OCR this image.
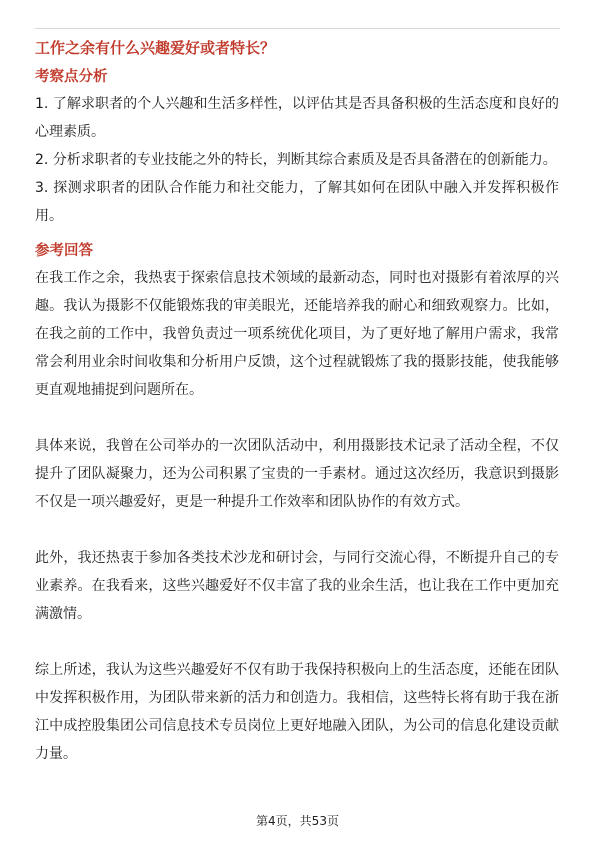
工作之余有什么兴趣爱好或者特长？
考察点分析

1. 了解求职者的个人兴趣和生活多样性，以评估其是否具备积极的生活态度和良好的心理素质。

2. 分析求职者的专业技能之外的特长，判断其综合素质及是否具备潜在的创新能力。

3. 探测求职者的团队合作能力和社交能力，了解其如何在团队中融入并发挥积极作用。

参考回答

在我工作之余，我热衷于探索信息技术领域的最新动态，同时也对摄影有着浓厚的兴趣。我认为摄影不仅能锻炼我的审美眼光，还能培养我的耐心和细致观察力。比如，在我之前的工作中，我曾负责过一项系统优化项目，为了更好地了解用户需求，我常常会利用业余时间收集和分析用户反馈，这个过程就锻炼了我的摄影技能，使我能够更直观地捕捉到问题所在。

具体来说，我曾在公司举办的一次团队活动中，利用摄影技术记录了活动全程，不仅提升了团队凝聚力，还为公司积累了宝贵的一手素材。通过这次经历，我意识到摄影不仅是一项兴趣爱好，更是一种提升工作效率和团队协作的有效方式。

此外，我还热衷于参加各类技术沙龙和研讨会，与同行交流心得，不断提升自己的专业素养。在我看来，这些兴趣爱好不仅丰富了我的业余生活，也让我在工作中更加充满激情。

综上所述，我认为这些兴趣爱好不仅有助于我保持积极向上的生活态度，还能在团队中发挥积极作用，为团队带来新的活力和创造力。我相信，这些特长将有助于我在浙江中成控股集团公司信息技术专员岗位上更好地融入团队，为公司的信息化建设贡献力量。

第4页，共53页
